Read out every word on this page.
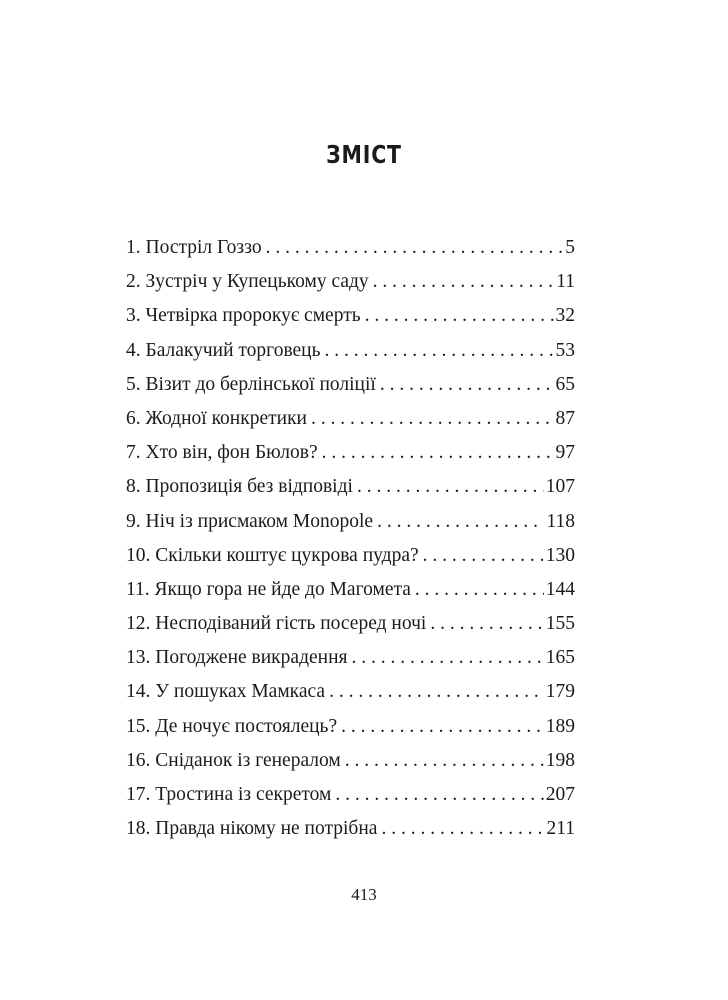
ЗМІСТ
1. Постріл Гоззо . . .	5
2. Зустріч у Купецькому саду . . .	11
3. Четвірка пророкує смерть . . .	32
4. Балакучий торговець . . .	53
5. Візит до берлінської поліції . . .	65
6. Жодної конкретики . . .	87
7. Хто він, фон Бюлов? . . .	97
8. Пропозиція без відповіді . . .	107
9. Ніч із присмаком Monopole . . .	118
10. Скільки коштує цукрова пудра? . . .	130
11. Якщо гора не йде до Магомета . . .	144
12. Несподіваний гість посеред ночі . . .	155
13. Погоджене викрадення . . .	165
14. У пошуках Мамкаса . . .	179
15. Де ночує постоялець? . . .	189
16. Сніданок із генералом . . .	198
17. Тростина із секретом . . .	207
18. Правда нікому не потрібна . . .	211
413
